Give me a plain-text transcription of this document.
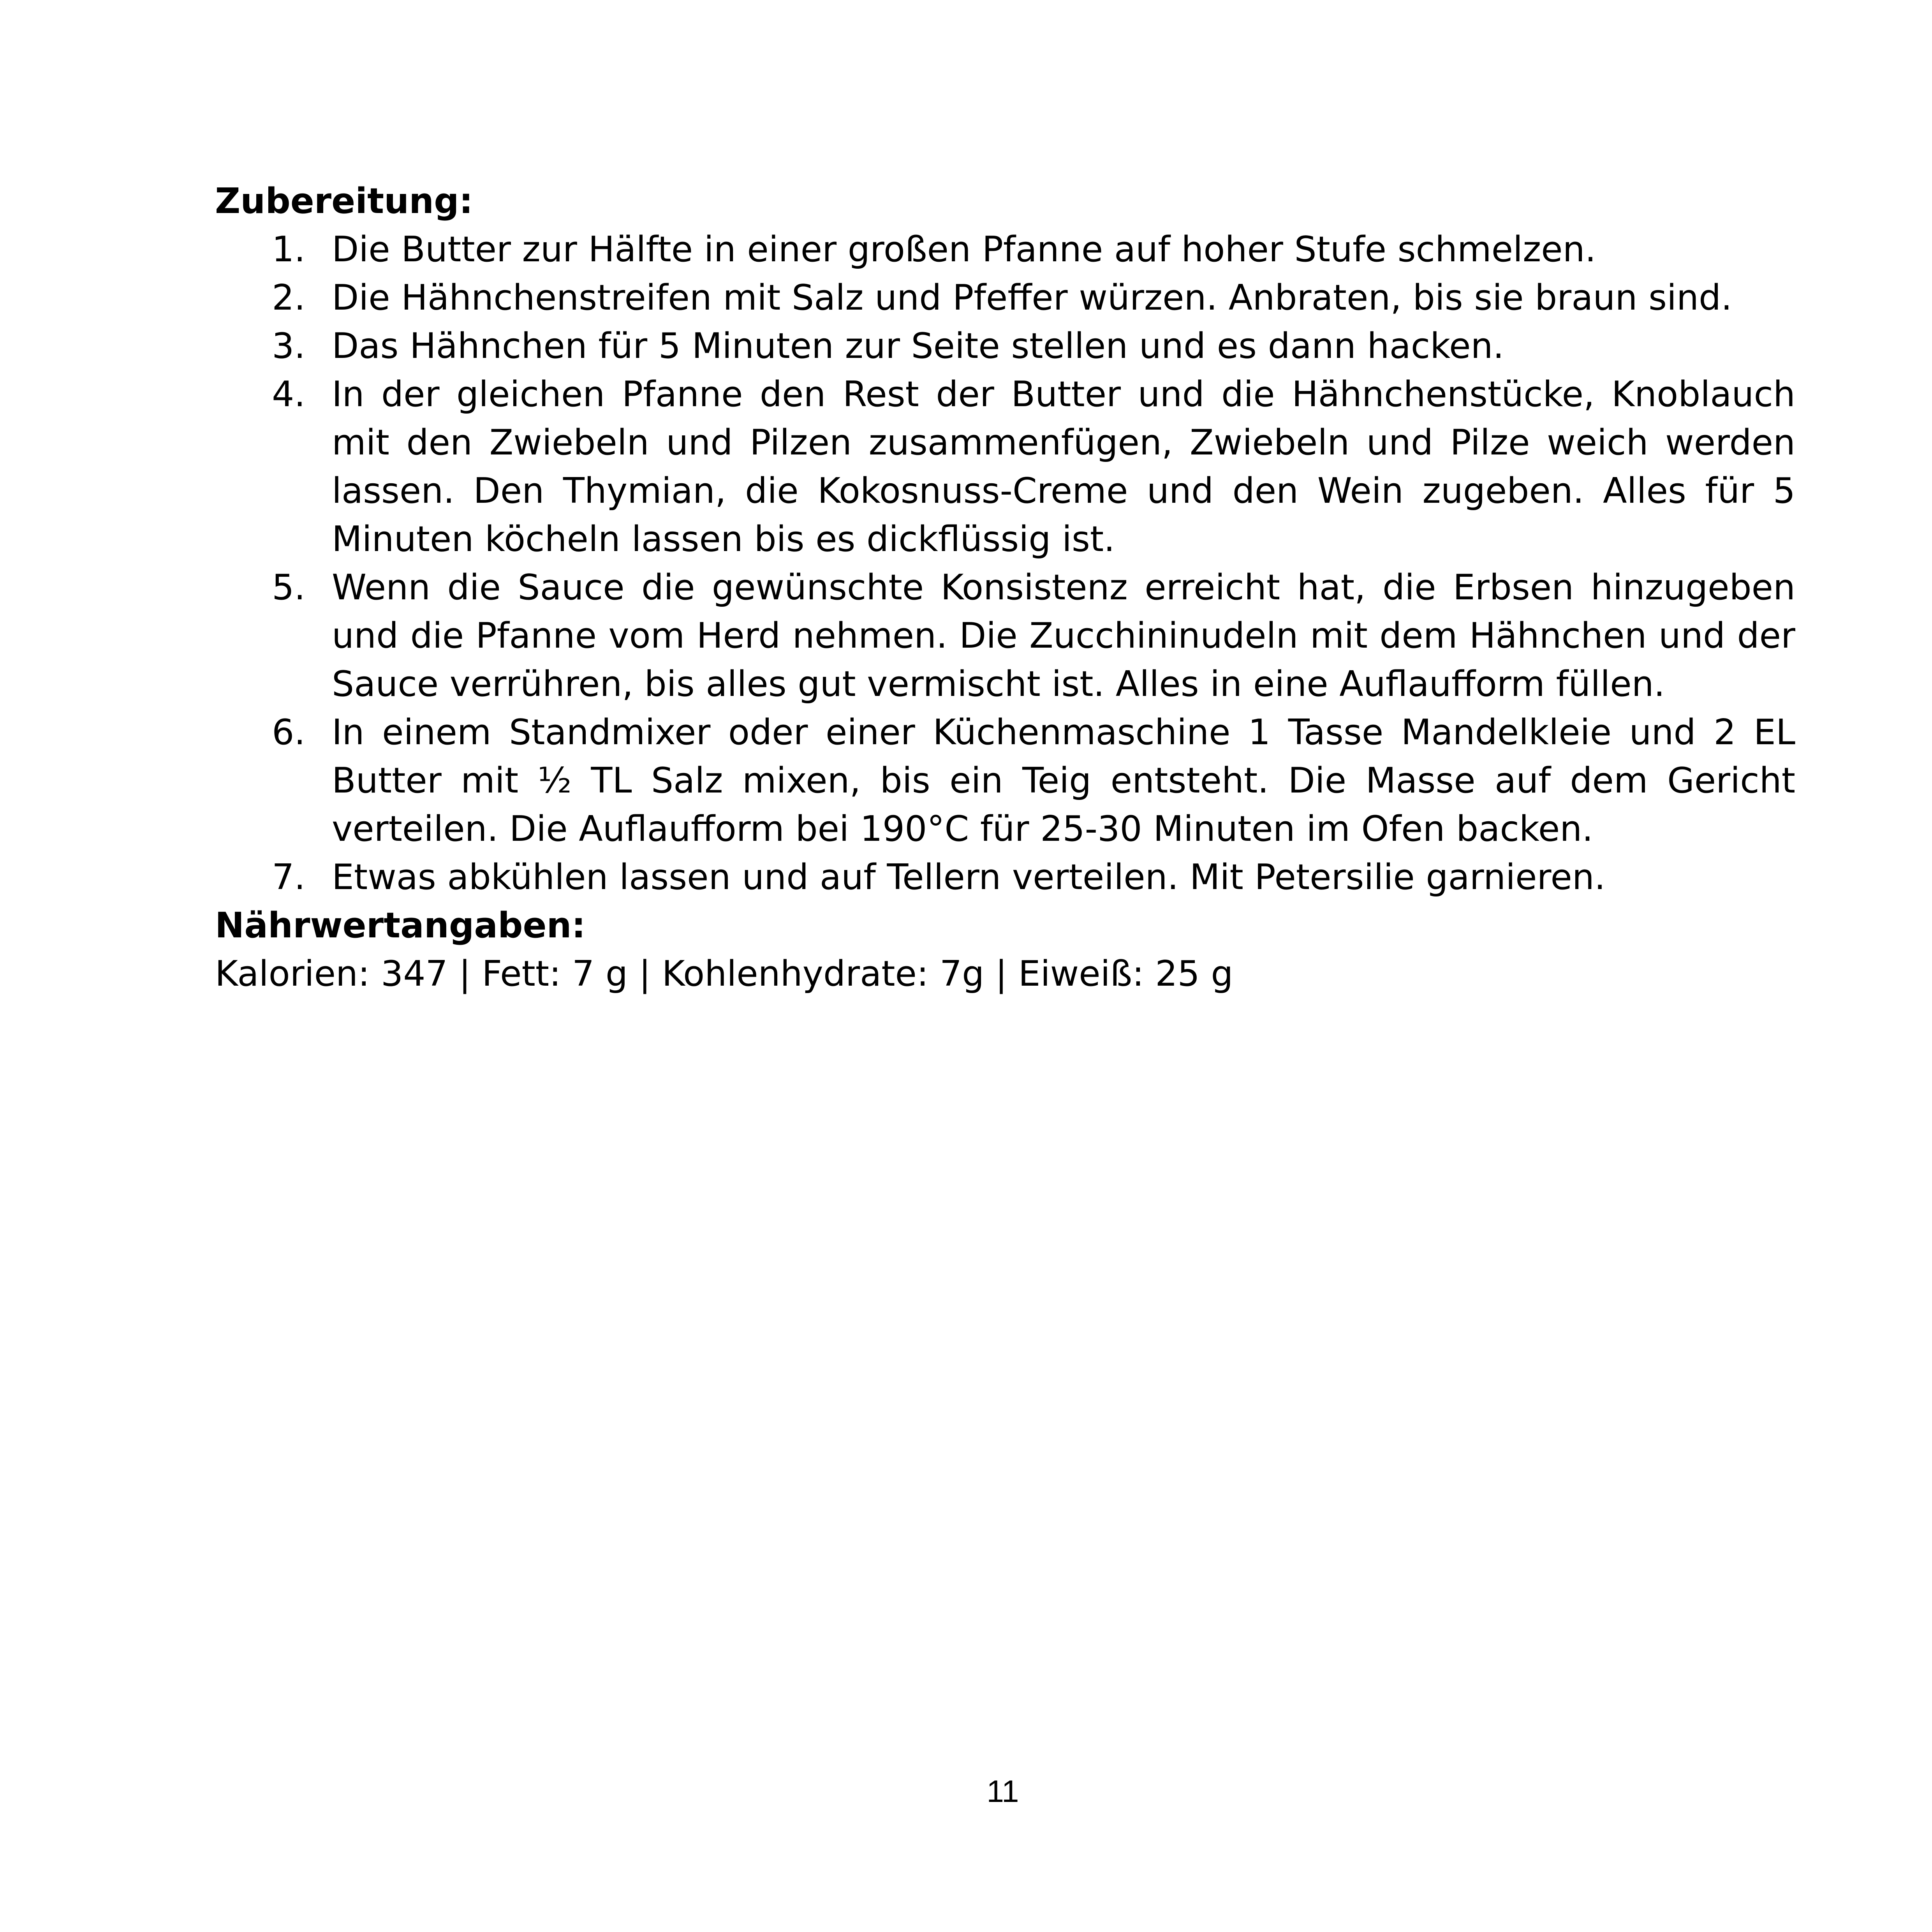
Zubereitung:

1. Die Butter zur Hälfte in einer großen Pfanne auf hoher Stufe schmelzen.
2. Die Hähnchenstreifen mit Salz und Pfeffer würzen. Anbraten, bis sie braun sind.
3. Das Hähnchen für 5 Minuten zur Seite stellen und es dann hacken.
4. In der gleichen Pfanne den Rest der Butter und die Hähnchenstücke, Knoblauch mit den Zwiebeln und Pilzen zusammenfügen, Zwiebeln und Pilze weich werden lassen. Den Thymian, die Kokosnuss-Creme und den Wein zugeben. Alles für 5 Minuten köcheln lassen bis es dickflüssig ist.
5. Wenn die Sauce die gewünschte Konsistenz erreicht hat, die Erbsen hinzugeben und die Pfanne vom Herd nehmen. Die Zucchininudeln mit dem Hähnchen und der Sauce verrühren, bis alles gut vermischt ist. Alles in eine Auflaufform füllen.
6. In einem Standmixer oder einer Küchenmaschine 1 Tasse Mandelkleie und 2 EL Butter mit ½ TL Salz mixen, bis ein Teig entsteht. Die Masse auf dem Gericht verteilen. Die Auflaufform bei 190°C für 25-30 Minuten im Ofen backen.
7. Etwas abkühlen lassen und auf Tellern verteilen. Mit Petersilie garnieren.

Nährwertangaben:

Kalorien: 347 | Fett: 7 g | Kohlenhydrate: 7g | Eiweiß: 25 g

11
